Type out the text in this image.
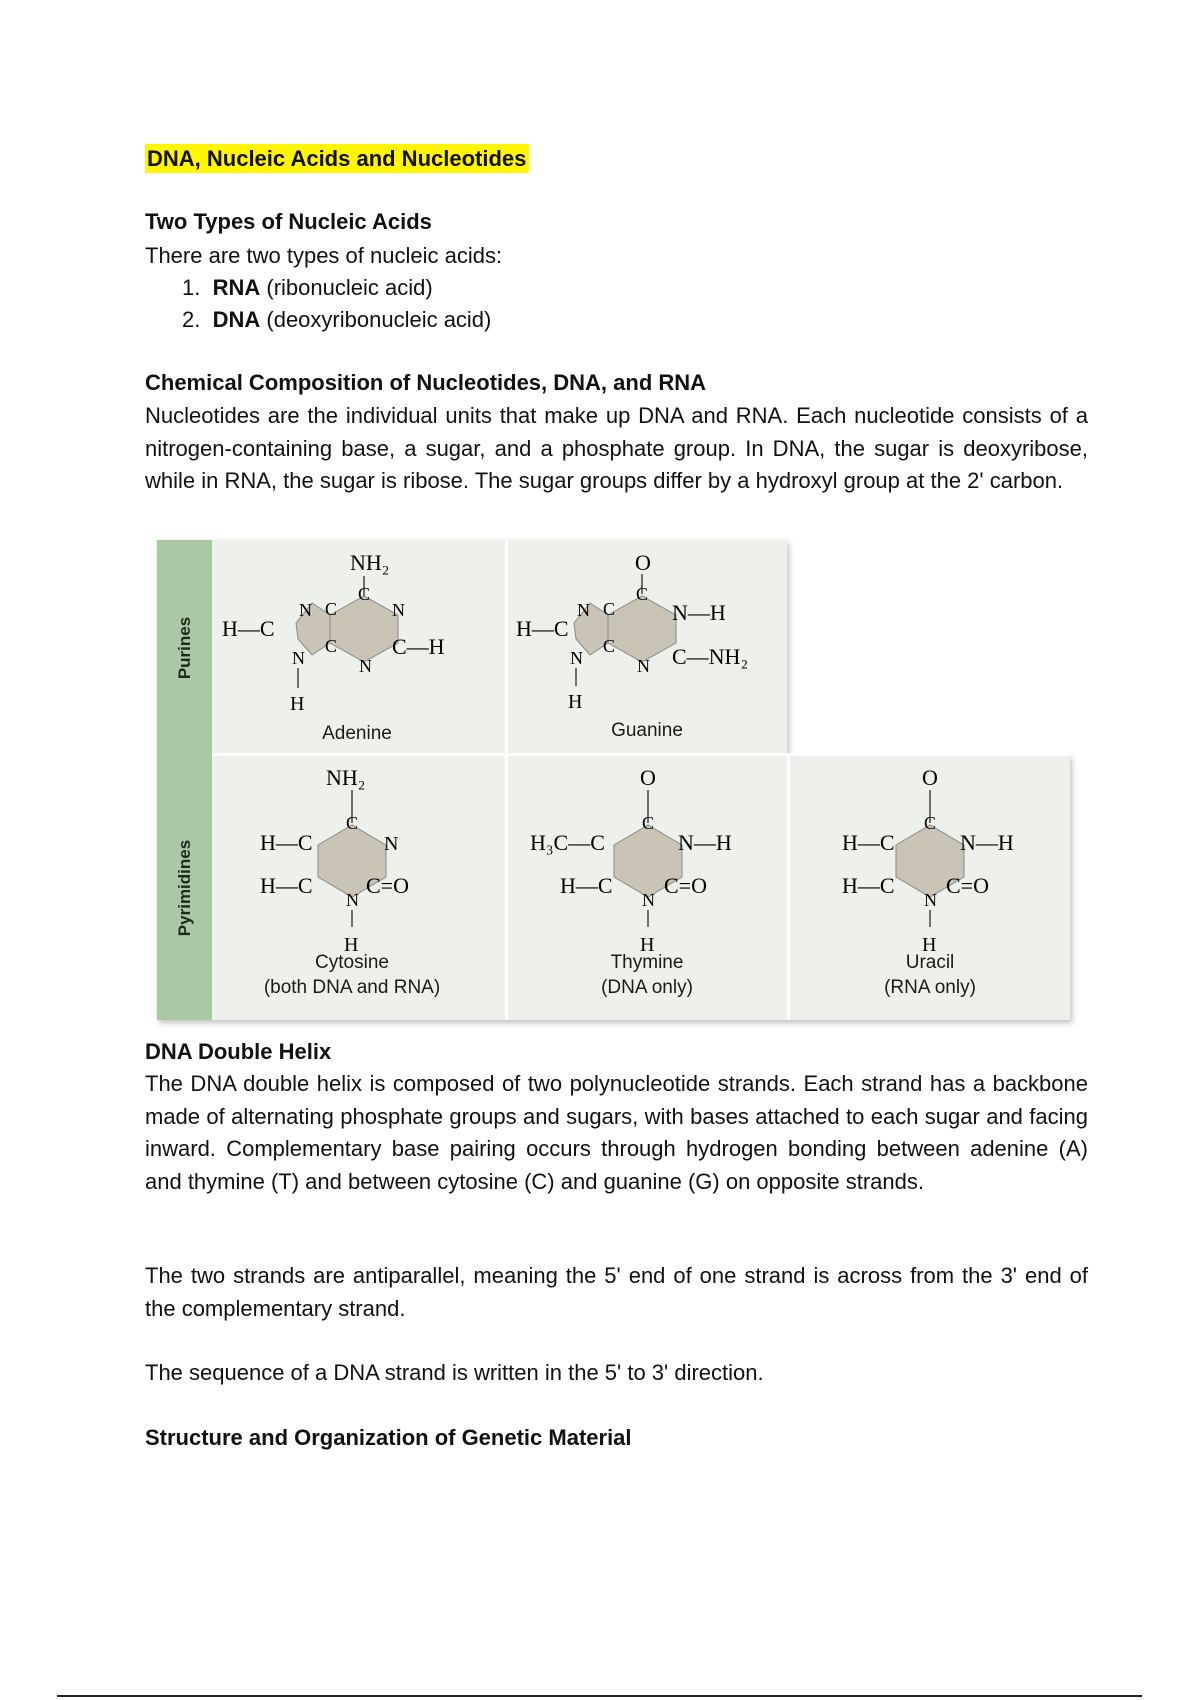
DNA, Nucleic Acids and Nucleotides
Two Types of Nucleic Acids
There are two types of nucleic acids:
1. RNA (ribonucleic acid)
2. DNA (deoxyribonucleic acid)
Chemical Composition of Nucleotides, DNA, and RNA
Nucleotides are the individual units that make up DNA and RNA. Each nucleotide consists of a nitrogen-containing base, a sugar, and a phosphate group. In DNA, the sugar is deoxyribose, while in RNA, the sugar is ribose. The sugar groups differ by a hydroxyl group at the 2' carbon.
Purines
Pyrimidines
NH₂
H—C
N C
C
N
C—H
N
C
N
H
Adenine
O
H—C
N C
C
N—H
C—NH₂
N
C
N
H
Guanine
NH₂
C
H—C
H—C
N
C=O
N
H
Cytosine
(both DNA and RNA)
O
C
H₃C—C
H—C
N—H
C=O
N
H
Thymine
(DNA only)
O
C
H—C
H—C
N—H
C=O
N
H
Uracil
(RNA only)
DNA Double Helix
The DNA double helix is composed of two polynucleotide strands. Each strand has a backbone made of alternating phosphate groups and sugars, with bases attached to each sugar and facing inward. Complementary base pairing occurs through hydrogen bonding between adenine (A) and thymine (T) and between cytosine (C) and guanine (G) on opposite strands.
The two strands are antiparallel, meaning the 5' end of one strand is across from the 3' end of the complementary strand.
The sequence of a DNA strand is written in the 5' to 3' direction.
Structure and Organization of Genetic Material
